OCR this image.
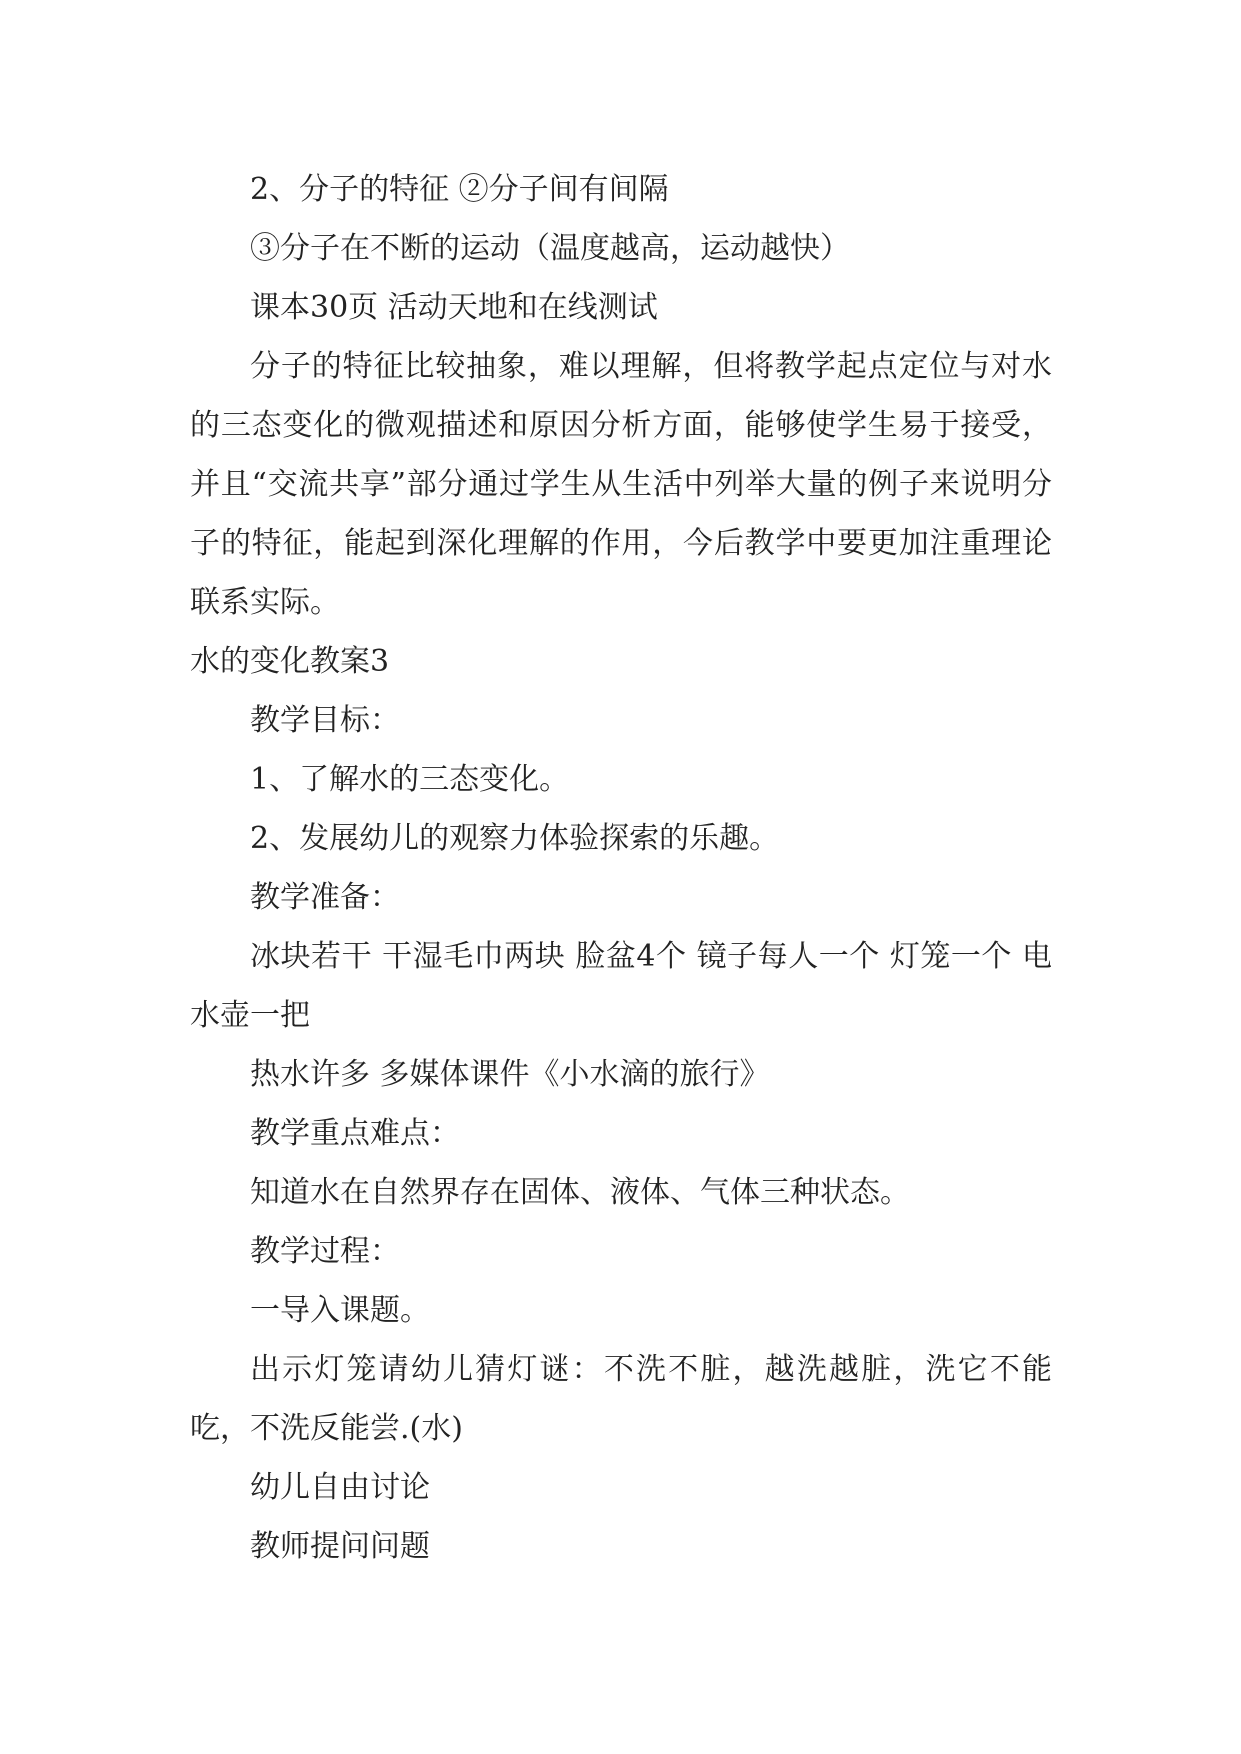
2、分子的特征 ②分子间有间隔

③分子在不断的运动（温度越高，运动越快）

课本30页 活动天地和在线测试

分子的特征比较抽象，难以理解，但将教学起点定位与对水的三态变化的微观描述和原因分析方面，能够使学生易于接受，并且“交流共享”部分通过学生从生活中列举大量的例子来说明分子的特征，能起到深化理解的作用，今后教学中要更加注重理论联系实际。

水的变化教案3

教学目标：

1、了解水的三态变化。

2、发展幼儿的观察力体验探索的乐趣。

教学准备：

冰块若干 干湿毛巾两块 脸盆4个 镜子每人一个 灯笼一个 电水壶一把

热水许多 多媒体课件《小水滴的旅行》

教学重点难点：

知道水在自然界存在固体、液体、气体三种状态。

教学过程：

一导入课题。

出示灯笼请幼儿猜灯谜：不洗不脏，越洗越脏，洗它不能吃，不洗反能尝.(水)

幼儿自由讨论

教师提问问题
